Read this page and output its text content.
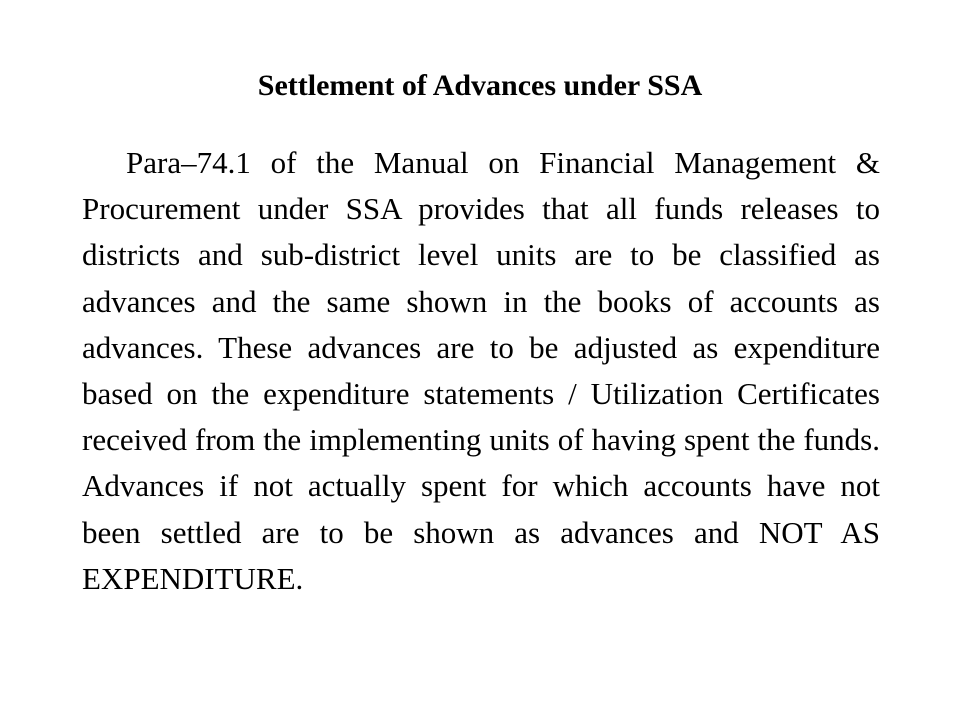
Settlement of Advances under SSA

Para–74.1 of the Manual on Financial Management & Procurement under SSA provides that all funds releases to districts and sub-district level units are to be classified as advances and the same shown in the books of accounts as advances. These advances are to be adjusted as expenditure based on the expenditure statements / Utilization Certificates received from the implementing units of having spent the funds. Advances if not actually spent for which accounts have not been settled are to be shown as advances and NOT AS EXPENDITURE.
